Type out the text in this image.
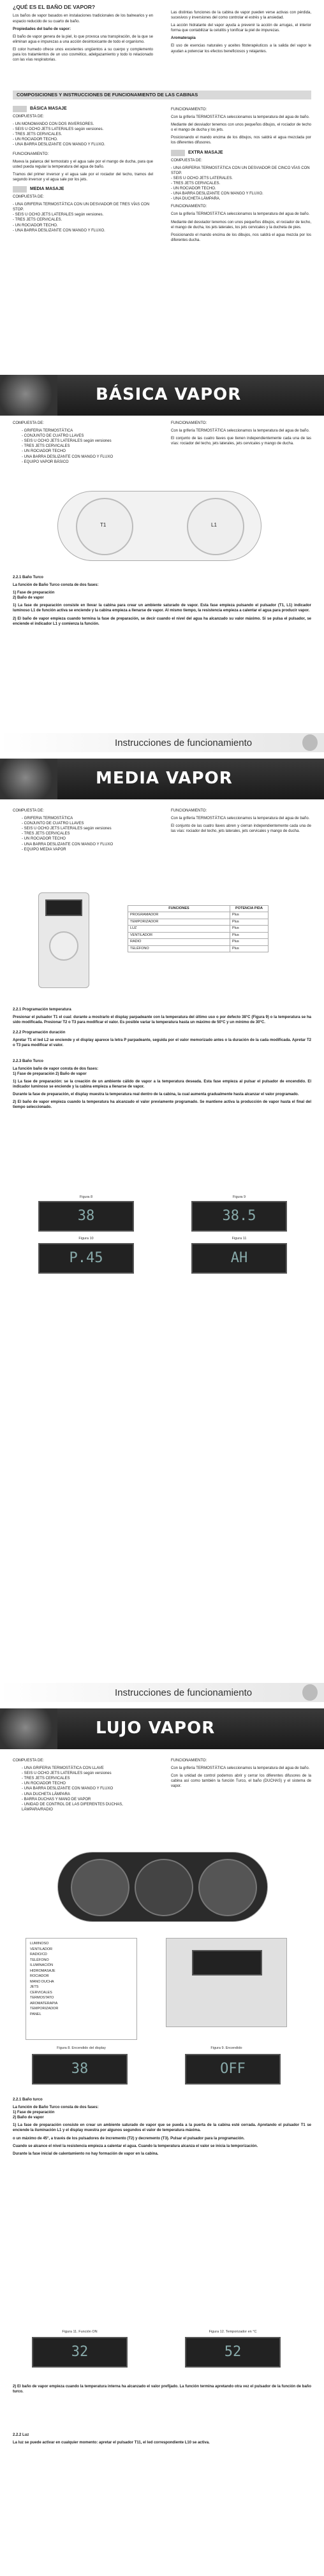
¿QUÉ ES EL BAÑO DE VAPOR?

Los baños de vapor basados en instalaciones tradicionales de los balnearios y en espacio reducido de su cuarto de baño.

Propiedades del baño de vapor:

El baño de vapor genera de la piel, lo que provoca una transpiración, de la que se eliminan agua e impurezas a una acción desintoxicante de todo el organismo.

El color humedo ofrece unos excelentes ungüentos a su cuerpo y complemento para los tratamientos de un uso cosmético, adelgazamiento y todo lo relacionado con las vías respiratorias.

Las distintas funciones de la cabina de vapor pueden verse activas con pérdida, sucesivos y inversiones del como controlar el estrés y la ansiedad.

La acción hidratante del vapor ayuda a prevenir la acción de arrugas, el interior forma que contabilizar la celulitis y tonificar la piel de impurezas.

Aromaterapia

El uso de esencias naturales y aceites fitoterapéuticos a la salida del vapor le ayudan a potenciar los efectos beneficiosos y relajantes.

COMPOSICIONES Y INSTRUCCIONES DE FUNCIONAMIENTO DE LAS CABINAS
BÁSICA MASAJE

COMPUESTA DE:

- UN MONOMANDO CON DOS INVERSORES.
- SEIS U OCHO JETS LATERALES según versiones.
- TRES JETS CERVICALES.
- UN ROCIADOR TECHO.
- UNA BARRA DESLIZANTE CON MANGO Y FLUXO.

FUNCIONAMIENTO:

Mueva la palanca del termostato y el agua sale por el mango de ducha, para que usted pueda regular la temperatura del agua de baño.

Tramos del primer inversor y el agua sale por el rociador del techo, tramos del segundo inversor y el agua sale por los jets.

MEDIA MASAJE

COMPUESTA DE:

- UNA GRIFERIA TERMOSTÁTICA CON UN DESVIADOR DE TRES VÍAS CON STOP.
- SEIS U OCHO JETS LATERALES según versiones.
- TRES JETS CERVICALES.
- UN ROCIADOR TECHO.
- UNA BARRA DESLIZANTE CON MANGO Y FLUXO.

FUNCIONAMIENTO:

Con la grifería TERMOSTÁTICA seleccionamos la temperatura del agua de baño.

Mediante del desviador tenemos con unos pequeños dibujos, el rociador de techo o el mango de ducha y los jets.

Posicionando el mando encima de los dibujos, nos saldrá el agua mezclada por los diferentes difusores.

EXTRA MASAJE

COMPUESTA DE:

- UNA GRIFERIA TERMOSTÁTICA CON UN DESVIADOR DE CINCO VÍAS CON STOP.
- SEIS U OCHO JETS LATERALES.
- TRES JETS CERVICALES.
- UN ROCIADOR TECHO.
- UNA BARRA DESLIZANTE CON MANGO Y FLUXO.
- UNA DUCHETA LÁMPARA.

FUNCIONAMIENTO:

Con la grifería TERMOSTÁTICA seleccionamos la temperatura del agua de baño.

Mediante del desviador tenemos con unos pequeños dibujos, el rociador de techo, el mango de ducha, los jets laterales, los jets cervicales y la ducheta de pies.

Posicionando el mando encima de los dibujos, nos saldrá el agua mezcla por los diferentes ducha.

BÁSICA VAPOR

COMPUESTA DE:

- GRIFERIA TERMOSTÁTICA
- CONJUNTO DE CUATRO LLAVES
- SEIS U OCHO JETS LATERALES según versiones
- TRES JETS CERVICALES
- UN ROCIADOR TECHO
- UNA BARRA DESLIZANTE CON MANGO Y FLUXO
- EQUIPO VAPOR BÁSICO

FUNCIONAMIENTO:

Con la grifería TERMOSTÁTICA seleccionamos la temperatura del agua de baño.

El conjunto de las cuatro llaves que tienen independientemente cada una de las vías: rociador del techo, jets laterales, jets cervicales y mango de ducha.

T1	L1

2.2.1 Baño Turco

La función de Baño Turco consta de dos fases:

1) Fase de preparación

2) Baño de vapor

1) La fase de preparación consiste en llevar la cabina para crear un ambiente saturado de vapor. Esta fase empieza pulsando el pulsador (T1, L1) indicador luminoso L1 de función activa se enciende y la cabina empieza a llenarse de vapor. Al mismo tiempo, la resistencia empieza a calentar el agua para producir vapor.

2) El baño de vapor empieza cuando termina la fase de preparación, se decir cuando el nivel del agua ha alcanzado su valor máximo. Si se pulsa el pulsador, se enciende el indicador L1 y comienza la función.

Instrucciones de funcionamiento
MEDIA VAPOR

COMPUESTA DE:

- GRIFERIA TERMOSTÁTICA
- CONJUNTO DE CUATRO LLAVES
- SEIS U OCHO JETS LATERALES según versiones
- TRES JETS CERVICALES
- UN ROCIADOR TECHO
- UNA BARRA DESLIZANTE CON MANGO Y FLUXO
- EQUIPO MEDIA VAPOR

FUNCIONAMIENTO:

Con la grifería TERMOSTÁTICA seleccionamos la temperatura del agua de baño.

El conjunto de las cuatro llaves abren y cierran independientemente cada una de las vías: rociador del techo, jets laterales, jets cervicales y mango de ducha.

FUNCIONES	POTENCIA PIDA
PROGRAMADOR	Plus
TEMPORIZADOR	Plus
LUZ	Plus
VENTILADOR	Plus
RADIO	Plus
TELÉFONO	Plus

2.2.1 Programación temperatura

Presionar el pulsador T1 el cual: durante a mostrarlo el display parpadeante con la temperatura del último uso o por defecto 38°C (Figura 9) o la temperatura se ha sido modificada. Presionar T2 o T3 para modificar el valor. Es posible variar la temperatura hasta un máximo de 50°C y un mínimo de 30°C.

2.2.2 Programación duración

Apretar T1 el led L2 se enciende y el display aparece la letra P parpadeante, seguida por el valor memorizado antes o la duración de la cada modificada. Apretar T2 o T3 para modificar el valor.

2.2.3 Baño Turco

La función baño de vapor consta de dos fases:

1) Fase de preparación 2) Baño de vapor

1) La fase de preparación: se la creación de un ambiente cálido de vapor a la temperatura deseada. Esta fase empieza al pulsar el pulsador de encendido. El indicador luminoso se enciende y la cabina empieza a llenarse de vapor.

Durante la fase de preparación, el display muestra la temperatura real dentro de la cabina, la cual aumenta gradualmente hasta alcanzar el valor programado.

2) El baño de vapor empieza cuando la temperatura ha alcanzado el valor previamente programado. Se mantiene activa la producción de vapor hasta el final del tiempo seleccionado.

Figura 8	Figura 9
38	38.5
Figura 10	Figura 11
P.45	AH
Instrucciones de funcionamiento
LUJO VAPOR

COMPUESTA DE:

- UNA GRIFERIA TERMOSTÁTICA CON LLAVE
- SEIS U OCHO JETS LATERALES según versiones
- TRES JETS CERVICALES
- UN ROCIADOR TECHO
- UNA BARRA DESLIZANTE CON MANGO Y FLUXO
- UNA DUCHETA LÁMPARA
- BARRA DUCHAS Y MANO DE VAPOR
- UNIDAD DE CONTROL DE LAS DIFERENTES DUCHAS, LÁMPARA/RADIO

FUNCIONAMIENTO:

Con la grifería TERMOSTÁTICA seleccionamos la temperatura del agua de baño.

Con la unidad de control podemos abrir y cerrar los diferentes difusores de la cabina así como también la función Turco, el baño (DUCHAS) y el sistema de vapor.

LUMINOSO
VENTILADOR
RADIO/CD
TELÉFONO
ILUMINACIÓN
HIDROMASAJE
ROCIADOR
MANO DUCHA
JETS
CERVICALES
TERMOSTATO
AROMATERAPIA
TEMPORIZADOR
PANEL
Figura 8. Encendido del display	Figura 9. Encendido
38	OFF

2.2.1 Baño turco

La función de Baño Turco consta de dos fases:

1) Fase de preparación
2) Baño de vapor

1) La fase de preparación consiste en crear un ambiente saturado de vapor que se pueda a la puerta de la cabina esté cerrada. Apretando el pulsador T1 se enciende la iluminación L1 y el display muestra por algunos segundos el valor de temperatura máxima.

o un máximo de 45°, a través de los pulsadores de incremento (T2) y decremento (T3). Pulsar el pulsador para la programación.

Cuando se alcance el nivel la resistencia empieza a calentar el agua. Cuando la temperatura alcanza el valor se inicia la temporización.

Durante la fase inicial de calentamiento no hay formación de vapor en la cabina.

Figura 11. Función ON	Figura 12. Temporizador en °C
32	52

2) El baño de vapor empieza cuando la temperatura interna ha alcanzado el valor prefijado. La función termina apretando otra vez el pulsador de la función de baño turco.

2.2.2 Luz

La luz se puede activar en cualquier momento: apretar el pulsador T11, el led correspondiente L10 se activa.
